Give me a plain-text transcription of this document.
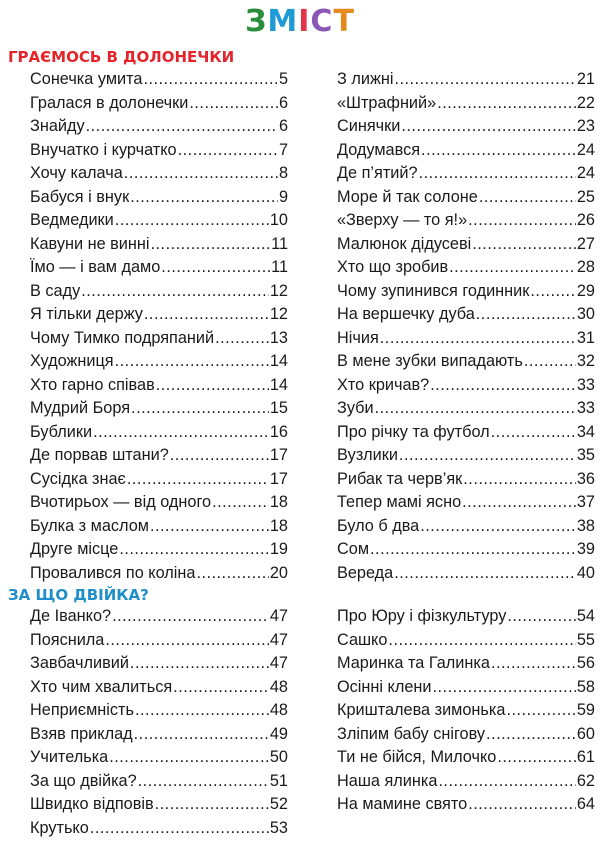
ЗМІСТ
ГРАЄМОСЬ В ДОЛОНЕЧКИ
Сонечка умита .....	5
Гралася в долонечки .....	6
Знайду .....	6
Внучатко і курчатко .....	7
Хочу калача .....	8
Бабуся і внук .....	9
Ведмедики .....	10
Кавуни не винні .....	11
Їмо — і вам дамо .....	11
В саду .....	12
Я тільки держу .....	12
Чому Тимко подряпаний .....	13
Художниця .....	14
Хто гарно співав .....	14
Мудрий Боря .....	15
Бублики .....	16
Де порвав штани? .....	17
Сусідка знає .....	17
Вчотирьох — від одного .....	18
Булка з маслом .....	18
Друге місце .....	19
Провалився по коліна .....	20
З лижні .....	21
«Штрафний» .....	22
Синячки .....	23
Додумався .....	24
Де п’ятий? .....	24
Море й так солоне .....	25
«Зверху — то я!» .....	26
Малюнок дідусеві .....	27
Хто що зробив .....	28
Чому зупинився годинник .....	29
На вершечку дуба .....	30
Нічия .....	31
В мене зубки випадають .....	32
Хто кричав? .....	33
Зуби .....	33
Про річку та футбол .....	34
Вузлики .....	35
Рибак та черв’як .....	36
Тепер мамі ясно .....	37
Було б два .....	38
Сом .....	39
Вереда .....	40
ЗА ЩО ДВІЙКА?
Де Іванко? .....	47
Пояснила .....	47
Завбачливий .....	47
Хто чим хвалиться .....	48
Неприємність .....	48
Взяв приклад .....	49
Учителька .....	50
За що двійка? .....	51
Швидко відповів .....	52
Крутько .....	53
Про Юру і фізкультуру .....	54
Сашко .....	55
Маринка та Галинка .....	56
Осінні клени .....	58
Кришталева зимонька .....	59
Зліпим бабу снігову .....	60
Ти не бійся, Милочко .....	61
Наша ялинка .....	62
На мамине свято .....	64
